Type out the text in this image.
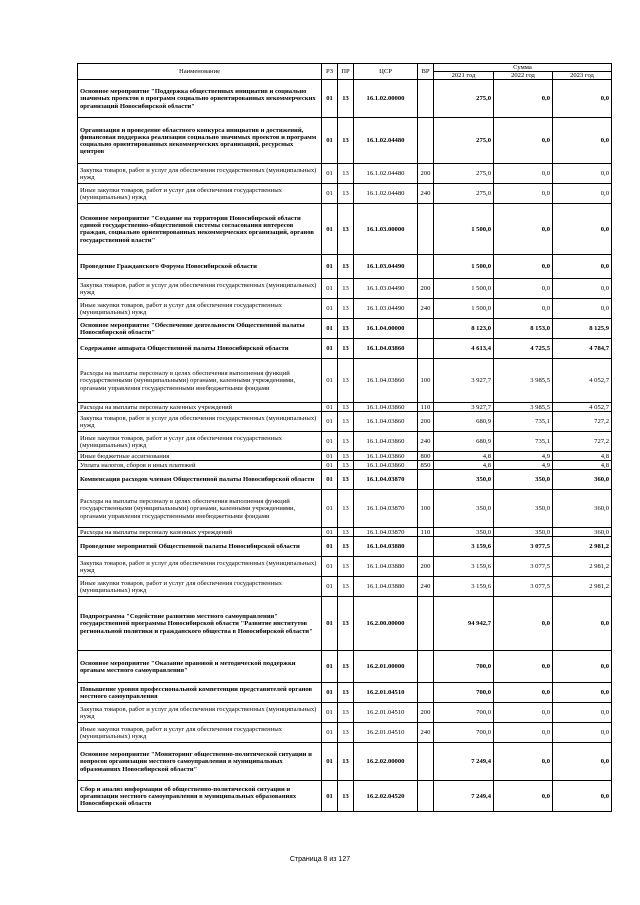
Наименование	РЗ	ПР	ЦСР	ВР	Сумма		
					2021 год	2022 год	2023 год
Основное мероприятие "Поддержка общественных инициатив и социально значимых проектов в программ социально ориентированных некоммерческих организаций Новосибирской области"	01	13	16.1.02.00000		275,0	0,0	0,0
Организация и проведение областного конкурса инициатив и достижений, финансовая поддержка реализации социально значимых проектов и программ социально ориентированных некоммерческих организаций, ресурсных центров	01	13	16.1.02.04480		275,0	0,0	0,0
Закупка товаров, работ и услуг для обеспечения государственных (муниципальных) нужд	01	13	16.1.02.04480	200	275,0	0,0	0,0
Иные закупки товаров, работ и услуг для обеспечения государственных (муниципальных) нужд	01	13	16.1.02.04480	240	275,0	0,0	0,0
Основное мероприятие "Создание на территории Новосибирской области единой государственно-общественной системы согласования интересов граждан, социально ориентированных некоммерческих организаций, органов государственной власти"	01	13	16.1.03.00000		1 500,0	0,0	0,0
Проведение Гражданского Форума Новосибирской области	01	13	16.1.03.04490		1 500,0	0,0	0,0
Закупка товаров, работ и услуг для обеспечения государственных (муниципальных) нужд	01	13	16.1.03.04490	200	1 500,0	0,0	0,0
Иные закупки товаров, работ и услуг для обеспечения государственных (муниципальных) нужд	01	13	16.1.03.04490	240	1 500,0	0,0	0,0
Основное мероприятие "Обеспечение деятельности Общественной палаты Новосибирской области"	01	13	16.1.04.00000		8 123,0	8 153,0	8 125,9
Содержание аппарата Общественной палаты Новосибирской области	01	13	16.1.04.03860		4 613,4	4 725,5	4 784,7
Расходы на выплаты персоналу в целях обеспечения выполнения функций государственными (муниципальными) органами, казенными учреждениями, органами управления государственными внебюджетными фондами	01	13	16.1.04.03860	100	3 927,7	3 985,5	4 052,7
Расходы на выплаты персоналу казенных учреждений	01	13	16.1.04.03860	110	3 927,7	3 985,5	4 052,7
Закупка товаров, работ и услуг для обеспечения государственных (муниципальных) нужд	01	13	16.1.04.03860	200	680,9	735,1	727,2
Иные закупки товаров, работ и услуг для обеспечения государственных (муниципальных) нужд	01	13	16.1.04.03860	240	680,9	735,1	727,2
Иные бюджетные ассигнования	01	13	16.1.04.03860	800	4,8	4,9	4,8
Уплата налогов, сборов и иных платежей	01	13	16.1.04.03860	850	4,8	4,9	4,8
Компенсация расходов членам Общественной палаты Новосибирской области	01	13	16.1.04.03870		350,0	350,0	360,0
Расходы на выплаты персоналу в целях обеспечения выполнения функций государственными (муниципальными) органами, казенными учреждениями, органами управления государственными внебюджетными фондами	01	13	16.1.04.03870	100	350,0	350,0	360,0
Расходы на выплаты персоналу казенных учреждений	01	13	16.1.04.03870	110	350,0	350,0	360,0
Проведение мероприятий Общественной палаты Новосибирской области	01	13	16.1.04.03880		3 159,6	3 077,5	2 981,2
Закупка товаров, работ и услуг для обеспечения государственных (муниципальных) нужд	01	13	16.1.04.03880	200	3 159,6	3 077,5	2 981,2
Иные закупки товаров, работ и услуг для обеспечения государственных (муниципальных) нужд	01	13	16.1.04.03880	240	3 159,6	3 077,5	2 981,2
Подпрограмма "Содействие развитию местного самоуправления" государственной программы Новосибирской области "Развитие институтов региональной политики и гражданского общества в Новосибирской области"	01	13	16.2.00.00000		94 942,7	0,0	0,0
Основное мероприятие "Оказание правовой и методической поддержки органам местного самоуправления"	01	13	16.2.01.00000		700,0	0,0	0,0
Повышение уровня профессиональной компетенции представителей органов местного самоуправления	01	13	16.2.01.04510		700,0	0,0	0,0
Закупка товаров, работ и услуг для обеспечения государственных (муниципальных) нужд	01	13	16.2.01.04510	200	700,0	0,0	0,0
Иные закупки товаров, работ и услуг для обеспечения государственных (муниципальных) нужд	01	13	16.2.01.04510	240	700,0	0,0	0,0
Основное мероприятие "Мониторинг общественно-политической ситуации и вопросов организации местного самоуправления в муниципальных образованиях Новосибирской области"	01	13	16.2.02.00000		7 249,4	0,0	0,0
Сбор и анализ информации об общественно-политической ситуации и организации местного самоуправления в муниципальных образованиях Новосибирской области	01	13	16.2.02.04520		7 249,4	0,0	0,0
Страница 8 из 127
